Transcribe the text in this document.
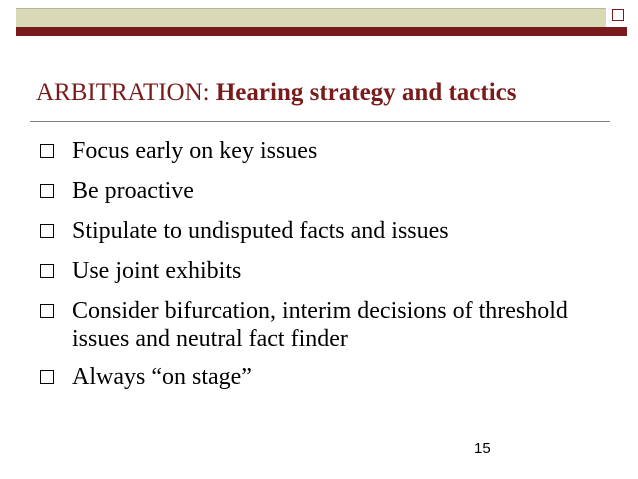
ARBITRATION: Hearing strategy and tactics
Focus early on key issues
Be proactive
Stipulate to undisputed facts and issues
Use joint exhibits
Consider bifurcation, interim decisions of threshold issues and neutral fact finder
Always “on stage”
15
